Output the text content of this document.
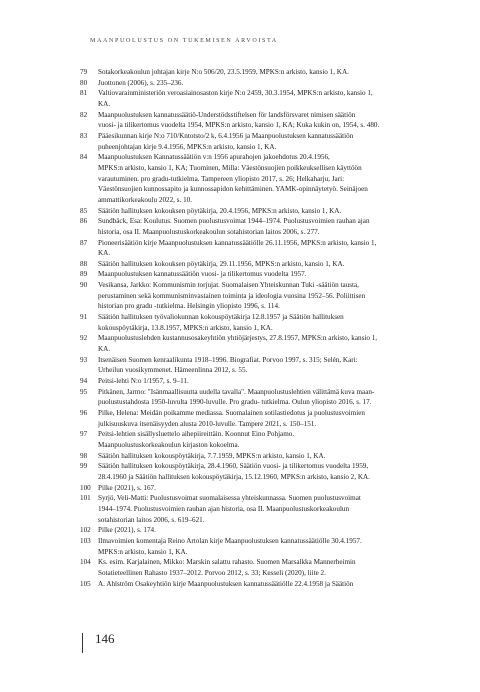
MAANPUOLUSTUS ON TUKEMISEN ARVOISTA
79	Sotakorkeakoulun johtajan kirje N:o 506/20, 23.5.1959, MPKS:n arkisto, kansio 1, KA.
80	Juottonen (2006), s. 235–236.
81	Valtiovarainministeriön veroasiainosaston kirje N:o 2459, 30.3.1954, MPKS:n arkisto, kansio 1,
KA.
82	Maanpuolustuksen kannatussäätiö-Understödsstiftelsen för landsförsvaret nimisen säätiön
vuosi- ja tilikertomus vuodelta 1954, MPKS:n arkisto, kansio 1, KA; Kuka kukin on, 1954, s. 480.
83	Pääesikunnan kirje N:o 710/Kntotsto/2 k, 6.4.1956 ja Maanpuolustuksen kannatussäätiön
puheenjohtajan kirje 9.4.1956, MPKS:n arkisto, kansio 1, KA.
84	Maanpuolustuksen Kannatussäätiön v:n 1956 apurahojen jakoehdotus 20.4.1956,
MPKS:n arkisto, kansio 1, KA; Tuominen, Milla: Väestönsuojien poikkeuksellisen käyttöön
varautuminen. pro gradu-tutkielma. Tampereen yliopisto 2017, s. 26; Helkaharju, Jari:
Väestönsuojien kunnossapito ja kunnossapidon kehittäminen. YAMK-opinnäytetyö. Seinäjoen
ammattikorkeakoulu 2022, s. 10.
85	Säätiön hallituksen kokouksen pöytäkirja, 20.4.1956, MPKS:n arkisto, kansio 1, KA.
86	Sundbäck, Esa: Koulutus. Suomen puolustusvoimat 1944–1974. Puolustusvoimien rauhan ajan
historia, osa II. Maanpuolustuskorkeakoulun sotahistorian laitos 2006, s. 277.
87	Pioneerisäätiön kirje Maanpuolustuksen kannatussäätiölle 26.11.1956, MPKS:n arkisto, kansio 1,
KA.
88	Säätiön hallituksen kokouksen pöytäkirja, 29.11.1956, MPKS:n arkisto, kansio 1, KA.
89	Maanpuolustuksen kannatussäätiön vuosi- ja tilikertomus vuodelta 1957.
90	Vesikansa, Jarkko: Kommunismin torjujat. Suomalaisen Yhteiskunnan Tuki -säätiön tausta,
perustaminen sekä kommunisminvastainen toiminta ja ideologia vuosina 1952–56. Poliittisen
historian pro gradu -tutkielma. Helsingin yliopisto 1996, s. 114.
91	Säätiön hallituksen työvaliokunnan kokouspöytäkirja 12.8.1957 ja Säätiön hallituksen
kokouspöytäkirja, 13.8.1957, MPKS:n arkisto, kansio 1, KA.
92	Maanpuolustuslehden kustannusosakeyhtiön yhtiöjärjestys, 27.8.1957, MPKS:n arkisto, kansio 1,
KA.
93	Itsenäisen Suomen kenraalikunta 1918–1996. Biografiat. Porvoo 1997, s. 315; Selén, Kari:
Urheilun vuosikymmenet. Hämeenlinna 2012, s. 55.
94	Peitsi-lehti N:o 1/1957, s. 9–11.
95	Pitkänen, Jarmo: "Isänmaallisuutta uudella tavalla". Maanpuolustuslehtien välittämä kuva maan-
puolustustahdosta 1950-luvulta 1990-luvulle. Pro gradu- tutkielma. Oulun yliopisto 2016, s. 17.
96	Pilke, Helena: Meidän poikamme mediassa. Suomalainen sotilastiedotus ja puolustusvoimien
julkisuuskuva itsenäisyyden alusta 2010-luvulle. Tampere 2021, s. 150–151.
97	Peitsi-lehtien sisällysluettelo aihepiireittäin. Koonnut Eino Pohjamo.
Maanpuolustuskorkeakoulun kirjaston kokoelma.
98	Säätiön hallituksen kokouspöytäkirja, 7.7.1959, MPKS:n arkisto, kansio 1, KA.
99	Säätiön hallituksen kokouspöytäkirja, 28.4.1960, Säätiön vuosi- ja tilikertomus vuodelta 1959,
28.4.1960 ja Säätiön hallituksen kokouspöytäkirja, 15.12.1960, MPKS:n arkisto, kansio 2, KA.
100	Pilke (2021), s. 167.
101	Syrjö, Veli-Matti: Puolustusvoimat suomalaisessa yhteiskunnassa. Suomen puolustusvoimat
1944–1974. Puolustusvoimien rauhan ajan historia, osa II. Maanpuolustuskorkeakoulun
sotahistorian laitos 2006, s. 619–621.
102	Pilke (2021), s. 174.
103	Ilmavoimien komentaja Reino Artolan kirje Maanpuolustuksen kannatussäätiölle 30.4.1957.
MPKS:n arkisto, kansio 1, KA.
104	Ks. esim. Karjalainen, Mikko: Marskin salattu rahasto. Suomen Marsalkka Mannerheimin
Sotatieteellinen Rahasto 1937–2012. Porvoo 2012, s. 33; Kesseli (2020), liite 2.
105	A. Ahlström Osakeyhtiön kirje Maanpuolustuksen kannatussäätiölle 22.4.1958 ja Säätiön
146
